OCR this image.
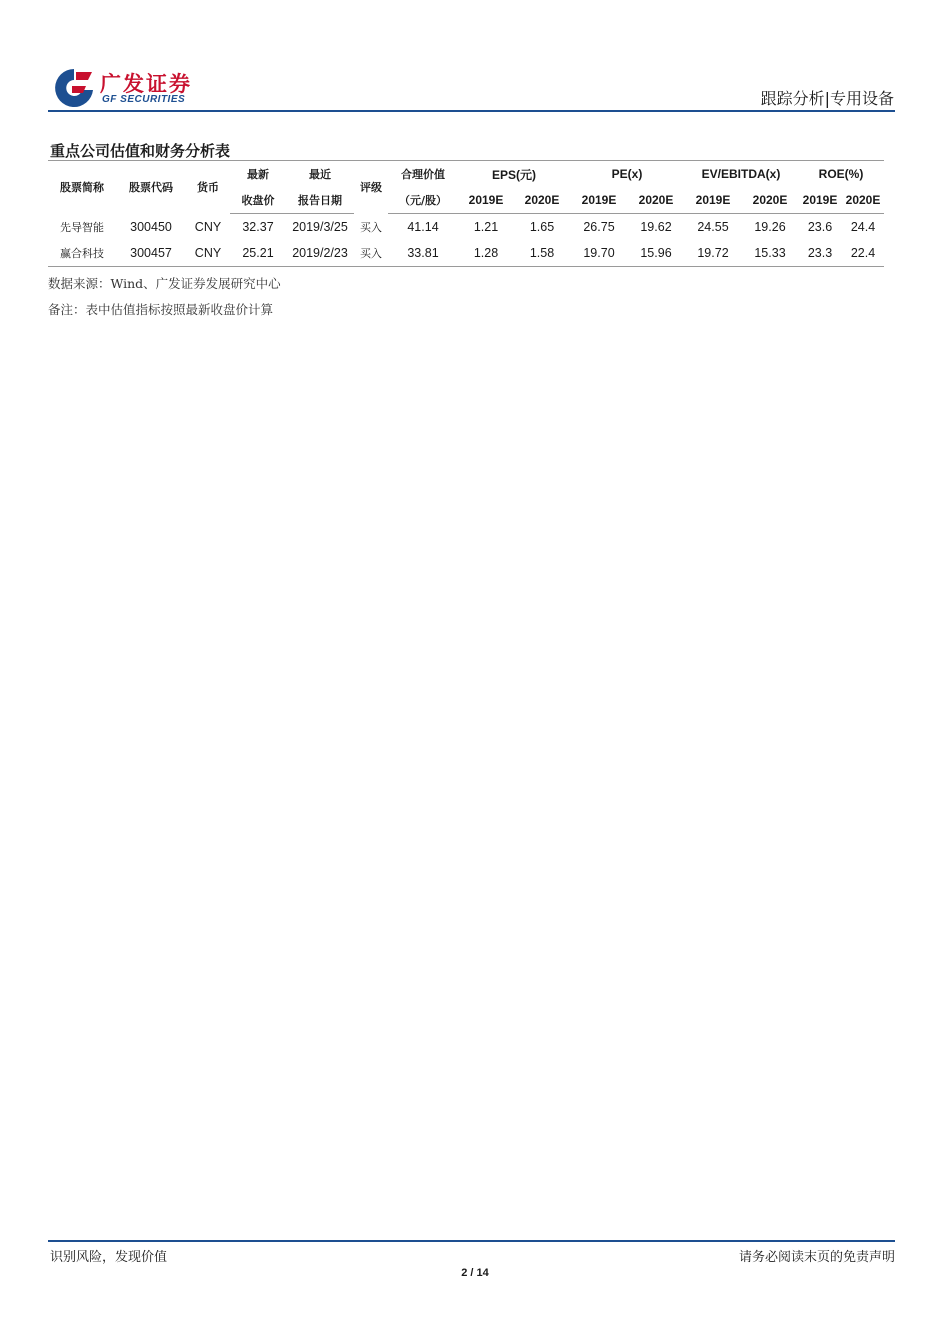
广发证券
GF SECURITIES	跟踪分析|专用设备
重点公司估值和财务分析表
股票简称	股票代码	货币	最新	最近	评级	合理价值	EPS(元)		PE(x)		EV/EBITDA(x)		ROE(%)	
			收盘价	报告日期		（元/股）	2019E	2020E	2019E	2020E	2019E	2020E	2019E	2020E
先导智能	300450	CNY	32.37	2019/3/25	买入	41.14	1.21	1.65	26.75	19.62	24.55	19.26	23.6	24.4
赢合科技	300457	CNY	25.21	2019/2/23	买入	33.81	1.28	1.58	19.70	15.96	19.72	15.33	23.3	22.4
数据来源：Wind、广发证券发展研究中心
备注：表中估值指标按照最新收盘价计算
识别风险，发现价值	请务必阅读末页的免责声明
2 / 14
